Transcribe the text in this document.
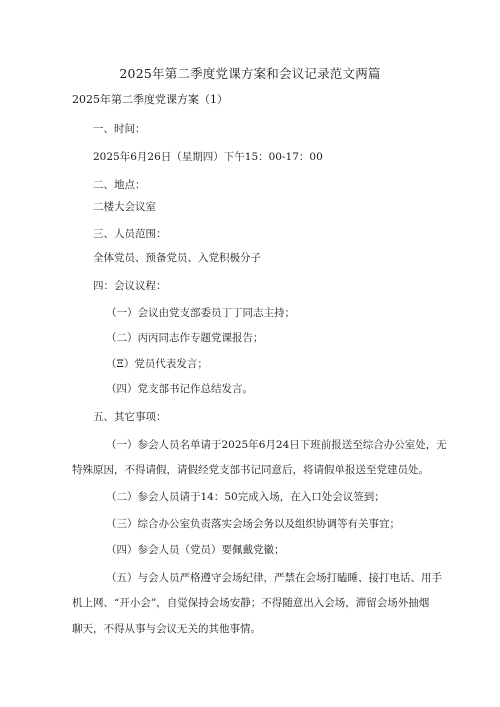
2025年第二季度党课方案和会议记录范文两篇
2025年第二季度党课方案（1）
一、时间：
2025年6月26日（星期四）下午15：00-17：00
二、地点：
二楼大会议室
三、人员范围：
全体党员、预备党员、入党积极分子
四：会议议程：
（一）会议由党支部委员丁丁同志主持；
（二）丙丙同志作专题党课报告；
（Ξ）党员代表发言；
（四）党支部书记作总结发言。
五、其它事项：
（一）参会人员名单请于2025年6月24日下班前报送至综合办公室处，无
特殊原因，不得请假，请假经党支部书记同意后，将请假单报送至党建员处。
（二）参会人员请于14：50完成入场，在入口处会议签到；
（三）综合办公室负责落实会场会务以及组织协调等有关事宜；
（四）参会人员（党员）要佩戴党徽；
（五）与会人员严格遵守会场纪律，严禁在会场打瞌睡、接打电话、用手
机上网、“开小会”，自觉保持会场安静；不得随意出入会场，滞留会场外抽烟
聊天，不得从事与会议无关的其他事情。
